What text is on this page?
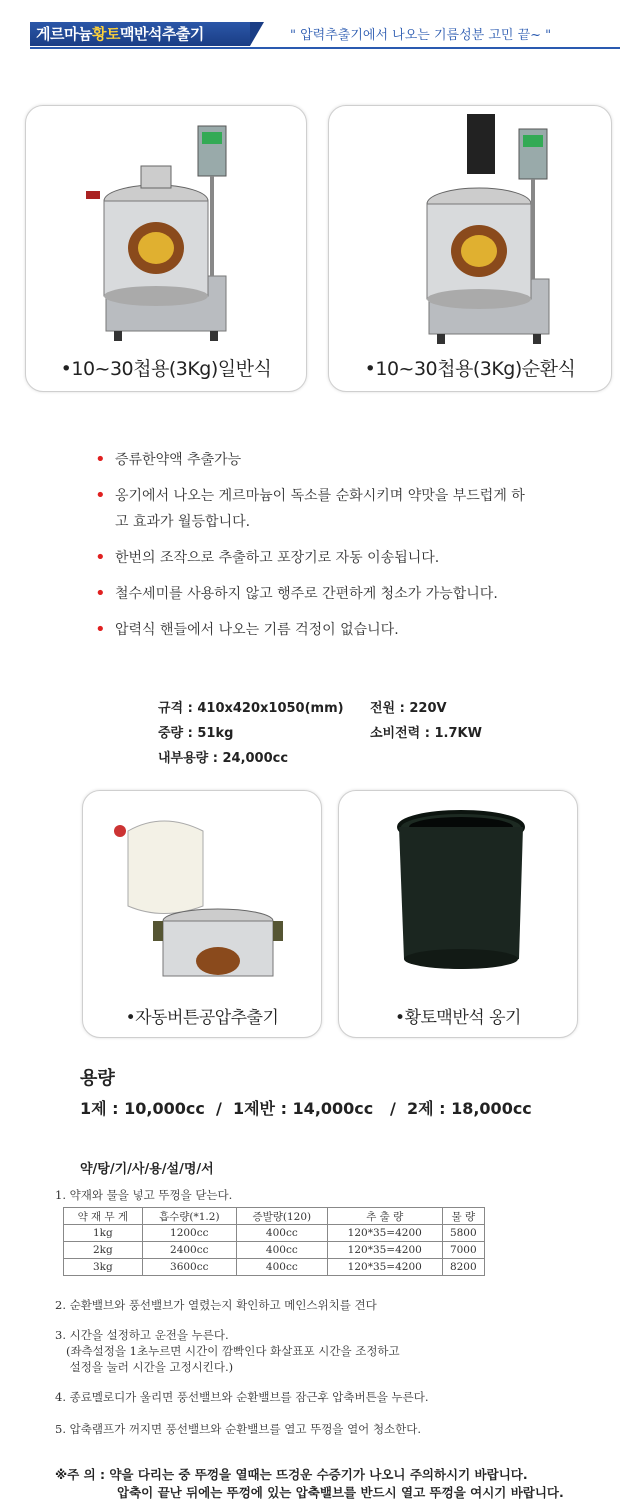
게르마늄황토맥반석추출기	" 압력추출기에서 나오는 기름성분 고민 끝~ "
•10~30첩용(3Kg)일반식	•10~30첩용(3Kg)순환식
• 증류한약액 추출가능
• 옹기에서 나오는 게르마늄이 독소를 순화시키며 약맛을 부드럽게 하고 효과가 월등합니다.
• 한번의 조작으로 추출하고 포장기로 자동 이송됩니다.
• 철수세미를 사용하지 않고 행주로 간편하게 청소가 가능합니다.
• 압력식 핸들에서 나오는 기름 걱정이 없습니다.
규격 : 410x420x1050(mm) 전원 : 220V
중량 : 51kg	소비전력 : 1.7KW
내부용량 : 24,000cc
•자동버튼공압추출기	•황토맥반석 옹기
용량
1제 : 10,000cc  /  1제반 : 14,000cc   /  2제 : 18,000cc
약/탕/기/사/용/설/명/서
1. 약재와 물을 넣고 뚜껑을 닫는다.
약 재 무 게	흡수량(*1.2)	증발량(120)	추 출 량	물 량
1kg	1200cc	400cc	120*35=4200	5800
2kg	2400cc	400cc	120*35=4200	7000
3kg	3600cc	400cc	120*35=4200	8200
2. 순환밸브와 풍선밸브가 열렸는지 확인하고 메인스위치를 견다
3. 시간을 설정하고 운전을 누른다.
(좌측설정을 1초누르면 시간이 깜빡인다 화살표포 시간을 조정하고
설정을 눌러 시간을 고정시킨다.)
4. 종료멜로디가 울리면 풍선밸브와 순환밸브를 잠근후 압축버튼을 누른다.
5. 압축램프가 꺼지면 풍선밸브와 순환밸브를 열고 뚜껑을 열어 청소한다.
※주 의 : 약을 다리는 중 뚜껑을 열때는 뜨겅운 수증기가 나오니 주의하시기 바랍니다.
압축이 끝난 뒤에는 뚜껑에 있는 압축밸브를 반드시 열고 뚜껑을 여시기 바랍니다.
